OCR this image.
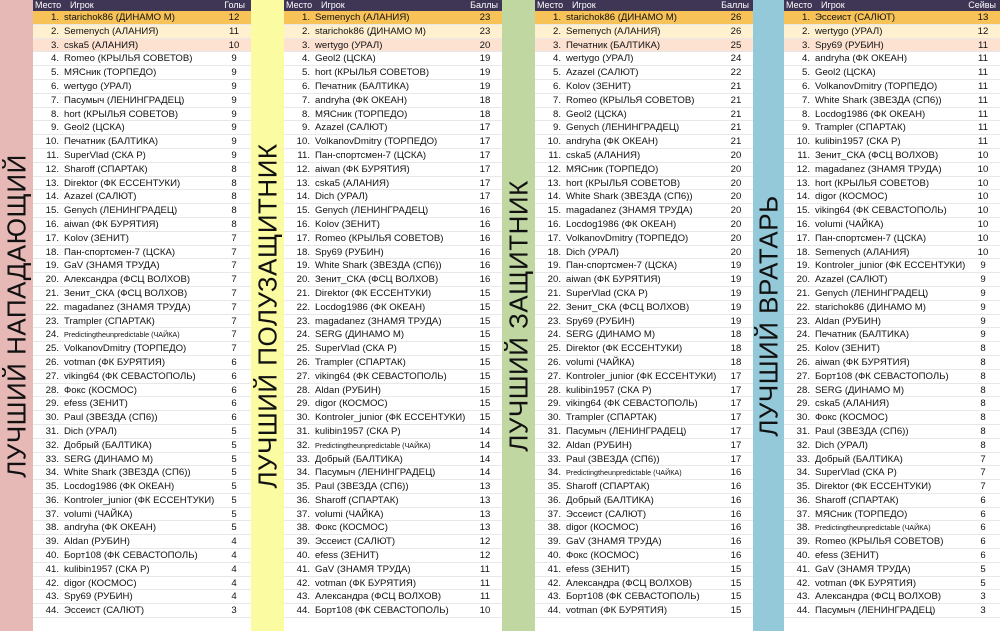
ЛУЧШИЙ НАПАДАЮЩИЙ
Место Игрок	Голы
1. starichok86 (ДИНАМО М)	12
2. Semenych (АЛАНИЯ)	11
3. cska5 (АЛАНИЯ)	10
4. Romeo (КРЫЛЬЯ СОВЕТОВ)	9
5. МЯСник (ТОРПЕДО)	9
6. wertygo (УРАЛ)	9
7. Пасумыч (ЛЕНИНГРАДЕЦ)	9
8. hort (КРЫЛЬЯ СОВЕТОВ)	9
9. Geol2 (ЦСКА)	9
10. Печатник (БАЛТИКА)	9
11. SuperVlad (СКА Р)	9
12. Sharoff (СПАРТАК)	8
13. Direktor (ФК ЕССЕНТУКИ)	8
14. Azazel (САЛЮТ)	8
15. Genych (ЛЕНИНГРАДЕЦ)	8
16. aiwan (ФК БУРЯТИЯ)	8
17. Kolov (ЗЕНИТ)	7
18. Пан-спортсмен-7 (ЦСКА)	7
19. GaV (ЗНАМЯ ТРУДА)	7
20. Александра (ФСЦ ВОЛХОВ)	7
21. Зенит_СКА (ФСЦ ВОЛХОВ)	7
22. magadanez (ЗНАМЯ ТРУДА)	7
23. Trampler (СПАРТАК)	7
24. Predictingtheunpredictable (ЧАЙКА)	7
25. VolkanovDmitry (ТОРПЕДО)	7
26. votman (ФК БУРЯТИЯ)	6
27. viking64 (ФК СЕВАСТОПОЛЬ)	6
28. Фокс (КОСМОС)	6
29. efess (ЗЕНИТ)	6
30. Paul (ЗВЕЗДА (СП6))	6
31. Dich (УРАЛ)	5
32. Добрый (БАЛТИКА)	5
33. SERG (ДИНАМО М)	5
34. White Shark (ЗВЕЗДА (СП6))	5
35. Locdog1986 (ФК ОКЕАН)	5
36. Kontroler_junior (ФК ЕССЕНТУКИ)	5
37. volumi (ЧАЙКА)	5
38. andryha (ФК ОКЕАН)	5
39. Aldan (РУБИН)	4
40. Борт108 (ФК СЕВАСТОПОЛЬ)	4
41. kulibin1957 (СКА Р)	4
42. digor (КОСМОС)	4
43. Spy69 (РУБИН)	4
44. Эссеист (САЛЮТ)	3
ЛУЧШИЙ ПОЛУЗАЩИТНИК
Место Игрок	Баллы
1. Semenych (АЛАНИЯ)	23
2. starichok86 (ДИНАМО М)	23
3. wertygo (УРАЛ)	20
4. Geol2 (ЦСКА)	19
5. hort (КРЫЛЬЯ СОВЕТОВ)	19
6. Печатник (БАЛТИКА)	19
7. andryha (ФК ОКЕАН)	18
8. МЯСник (ТОРПЕДО)	18
9. Azazel (САЛЮТ)	17
10. VolkanovDmitry (ТОРПЕДО)	17
11. Пан-спортсмен-7 (ЦСКА)	17
12. aiwan (ФК БУРЯТИЯ)	17
13. cska5 (АЛАНИЯ)	17
14. Dich (УРАЛ)	17
15. Genych (ЛЕНИНГРАДЕЦ)	16
16. Kolov (ЗЕНИТ)	16
17. Romeo (КРЫЛЬЯ СОВЕТОВ)	16
18. Spy69 (РУБИН)	16
19. White Shark (ЗВЕЗДА (СП6))	16
20. Зенит_СКА (ФСЦ ВОЛХОВ)	16
21. Direktor (ФК ЕССЕНТУКИ)	15
22. Locdog1986 (ФК ОКЕАН)	15
23. magadanez (ЗНАМЯ ТРУДА)	15
24. SERG (ДИНАМО М)	15
25. SuperVlad (СКА Р)	15
26. Trampler (СПАРТАК)	15
27. viking64 (ФК СЕВАСТОПОЛЬ)	15
28. Aldan (РУБИН)	15
29. digor (КОСМОС)	15
30. Kontroler_junior (ФК ЕССЕНТУКИ)	15
31. kulibin1957 (СКА Р)	14
32. Predictingtheunpredictable (ЧАЙКА)	14
33. Добрый (БАЛТИКА)	14
34. Пасумыч (ЛЕНИНГРАДЕЦ)	14
35. Paul (ЗВЕЗДА (СП6))	13
36. Sharoff (СПАРТАК)	13
37. volumi (ЧАЙКА)	13
38. Фокс (КОСМОС)	13
39. Эссеист (САЛЮТ)	12
40. efess (ЗЕНИТ)	12
41. GaV (ЗНАМЯ ТРУДА)	11
42. votman (ФК БУРЯТИЯ)	11
43. Александра (ФСЦ ВОЛХОВ)	11
44. Борт108 (ФК СЕВАСТОПОЛЬ)	10
ЛУЧШИЙ ЗАЩИТНИК
Место Игрок	Баллы
1. starichok86 (ДИНАМО М)	26
2. Semenych (АЛАНИЯ)	26
3. Печатник (БАЛТИКА)	25
4. wertygo (УРАЛ)	24
5. Azazel (САЛЮТ)	22
6. Kolov (ЗЕНИТ)	21
7. Romeo (КРЫЛЬЯ СОВЕТОВ)	21
8. Geol2 (ЦСКА)	21
9. Genych (ЛЕНИНГРАДЕЦ)	21
10. andryha (ФК ОКЕАН)	21
11. cska5 (АЛАНИЯ)	20
12. МЯСник (ТОРПЕДО)	20
13. hort (КРЫЛЬЯ СОВЕТОВ)	20
14. White Shark (ЗВЕЗДА (СП6))	20
15. magadanez (ЗНАМЯ ТРУДА)	20
16. Locdog1986 (ФК ОКЕАН)	20
17. VolkanovDmitry (ТОРПЕДО)	20
18. Dich (УРАЛ)	20
19. Пан-спортсмен-7 (ЦСКА)	19
20. aiwan (ФК БУРЯТИЯ)	19
21. SuperVlad (СКА Р)	19
22. Зенит_СКА (ФСЦ ВОЛХОВ)	19
23. Spy69 (РУБИН)	19
24. SERG (ДИНАМО М)	18
25. Direktor (ФК ЕССЕНТУКИ)	18
26. volumi (ЧАЙКА)	18
27. Kontroler_junior (ФК ЕССЕНТУКИ)	17
28. kulibin1957 (СКА Р)	17
29. viking64 (ФК СЕВАСТОПОЛЬ)	17
30. Trampler (СПАРТАК)	17
31. Пасумыч (ЛЕНИНГРАДЕЦ)	17
32. Aldan (РУБИН)	17
33. Paul (ЗВЕЗДА (СП6))	17
34. Predictingtheunpredictable (ЧАЙКА)	16
35. Sharoff (СПАРТАК)	16
36. Добрый (БАЛТИКА)	16
37. Эссеист (САЛЮТ)	16
38. digor (КОСМОС)	16
39. GaV (ЗНАМЯ ТРУДА)	16
40. Фокс (КОСМОС)	16
41. efess (ЗЕНИТ)	15
42. Александра (ФСЦ ВОЛХОВ)	15
43. Борт108 (ФК СЕВАСТОПОЛЬ)	15
44. votman (ФК БУРЯТИЯ)	15
ЛУЧШИЙ ВРАТАРЬ
Место Игрок	Сейвы
1. Эссеист (САЛЮТ)	13
2. wertygo (УРАЛ)	12
3. Spy69 (РУБИН)	11
4. andryha (ФК ОКЕАН)	11
5. Geol2 (ЦСКА)	11
6. VolkanovDmitry (ТОРПЕДО)	11
7. White Shark (ЗВЕЗДА (СП6))	11
8. Locdog1986 (ФК ОКЕАН)	11
9. Trampler (СПАРТАК)	11
10. kulibin1957 (СКА Р)	11
11. Зенит_СКА (ФСЦ ВОЛХОВ)	10
12. magadanez (ЗНАМЯ ТРУДА)	10
13. hort (КРЫЛЬЯ СОВЕТОВ)	10
14. digor (КОСМОС)	10
15. viking64 (ФК СЕВАСТОПОЛЬ)	10
16. volumi (ЧАЙКА)	10
17. Пан-спортсмен-7 (ЦСКА)	10
18. Semenych (АЛАНИЯ)	10
19. Kontroler_junior (ФК ЕССЕНТУКИ)	9
20. Azazel (САЛЮТ)	9
21. Genych (ЛЕНИНГРАДЕЦ)	9
22. starichok86 (ДИНАМО М)	9
23. Aldan (РУБИН)	9
24. Печатник (БАЛТИКА)	9
25. Kolov (ЗЕНИТ)	8
26. aiwan (ФК БУРЯТИЯ)	8
27. Борт108 (ФК СЕВАСТОПОЛЬ)	8
28. SERG (ДИНАМО М)	8
29. cska5 (АЛАНИЯ)	8
30. Фокс (КОСМОС)	8
31. Paul (ЗВЕЗДА (СП6))	8
32. Dich (УРАЛ)	8
33. Добрый (БАЛТИКА)	7
34. SuperVlad (СКА Р)	7
35. Direktor (ФК ЕССЕНТУКИ)	7
36. Sharoff (СПАРТАК)	6
37. МЯСник (ТОРПЕДО)	6
38. Predictingtheunpredictable (ЧАЙКА)	6
39. Romeo (КРЫЛЬЯ СОВЕТОВ)	6
40. efess (ЗЕНИТ)	6
41. GaV (ЗНАМЯ ТРУДА)	5
42. votman (ФК БУРЯТИЯ)	5
43. Александра (ФСЦ ВОЛХОВ)	3
44. Пасумыч (ЛЕНИНГРАДЕЦ)	3
